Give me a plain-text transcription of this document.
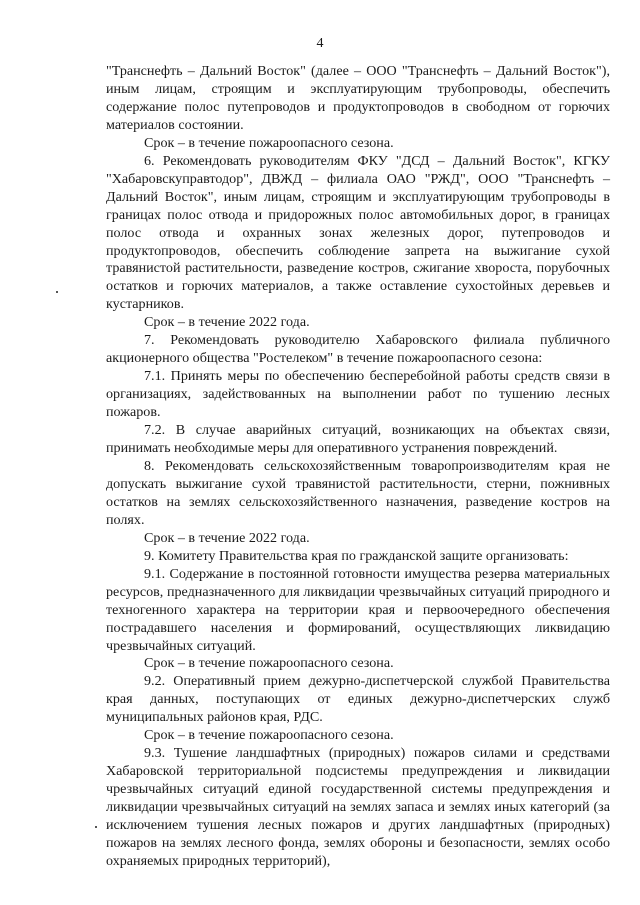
4

"Транснефть – Дальний Восток" (далее – ООО "Транснефть – Дальний Восток"), иным лицам, строящим и эксплуатирующим трубопроводы, обеспечить содержание полос путепроводов и продуктопроводов в свободном от горючих материалов состоянии.

Срок – в течение пожароопасного сезона.

6. Рекомендовать руководителям ФКУ "ДСД – Дальний Восток", КГКУ "Хабаровскуправтодор", ДВЖД – филиала ОАО "РЖД", ООО "Транснефть – Дальний Восток", иным лицам, строящим и эксплуатирующим трубопроводы в границах полос отвода и придорожных полос автомобильных дорог, в границах полос отвода и охранных зонах железных дорог, путепроводов и продуктопроводов, обеспечить соблюдение запрета на выжигание сухой травянистой растительности, разведение костров, сжигание хвороста, порубочных остатков и горючих материалов, а также оставление сухостойных деревьев и кустарников.

Срок – в течение 2022 года.

7. Рекомендовать руководителю Хабаровского филиала публичного акционерного общества "Ростелеком" в течение пожароопасного сезона:

7.1. Принять меры по обеспечению бесперебойной работы средств связи в организациях, задействованных на выполнении работ по тушению лесных пожаров.

7.2. В случае аварийных ситуаций, возникающих на объектах связи, принимать необходимые меры для оперативного устранения повреждений.

8. Рекомендовать сельскохозяйственным товаропроизводителям края не допускать выжигание сухой травянистой растительности, стерни, пожнивных остатков на землях сельскохозяйственного назначения, разведение костров на полях.

Срок – в течение 2022 года.

9. Комитету Правительства края по гражданской защите организовать:

9.1. Содержание в постоянной готовности имущества резерва материальных ресурсов, предназначенного для ликвидации чрезвычайных ситуаций природного и техногенного характера на территории края и первоочередного обеспечения пострадавшего населения и формирований, осуществляющих ликвидацию чрезвычайных ситуаций.

Срок – в течение пожароопасного сезона.

9.2. Оперативный прием дежурно-диспетчерской службой Правительства края данных, поступающих от единых дежурно-диспетчерских служб муниципальных районов края, РДС.

Срок – в течение пожароопасного сезона.

9.3. Тушение ландшафтных (природных) пожаров силами и средствами Хабаровской территориальной подсистемы предупреждения и ликвидации чрезвычайных ситуаций единой государственной системы предупреждения и ликвидации чрезвычайных ситуаций на землях запаса и землях иных категорий (за исключением тушения лесных пожаров и других ландшафтных (природных) пожаров на землях лесного фонда, землях обороны и безопасности, землях особо охраняемых природных территорий),
